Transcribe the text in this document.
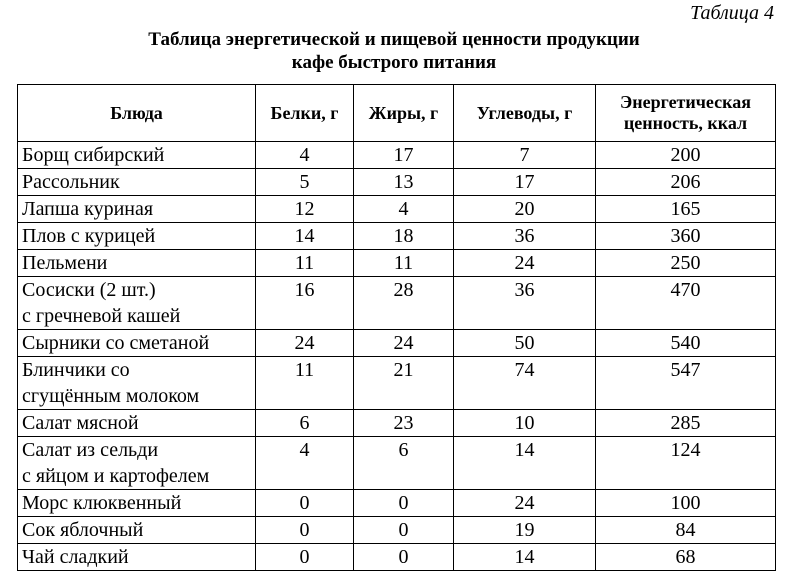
Таблица 4
Таблица энергетической и пищевой ценности продукции
кафе быстрого питания
Блюда	Белки, г	Жиры, г	Углеводы, г	Энергетическая ценность, ккал

Борщ сибирский	4	17	7	200

Рассольник	5	13	17	206

Лапша куриная	12	4	20	165

Плов с курицей	14	18	36	360

Пельмени	11	11	24	250

Сосиски (2 шт.)
с гречневой кашей	16	28	36	470

Сырники со сметаной	24	24	50	540

Блинчики со
сгущённым молоком	11	21	74	547

Салат мясной	6	23	10	285

Салат из сельди
с яйцом и картофелем	4	6	14	124

Морс клюквенный	0	0	24	100

Сок яблочный	0	0	19	84

Чай сладкий	0	0	14	68
